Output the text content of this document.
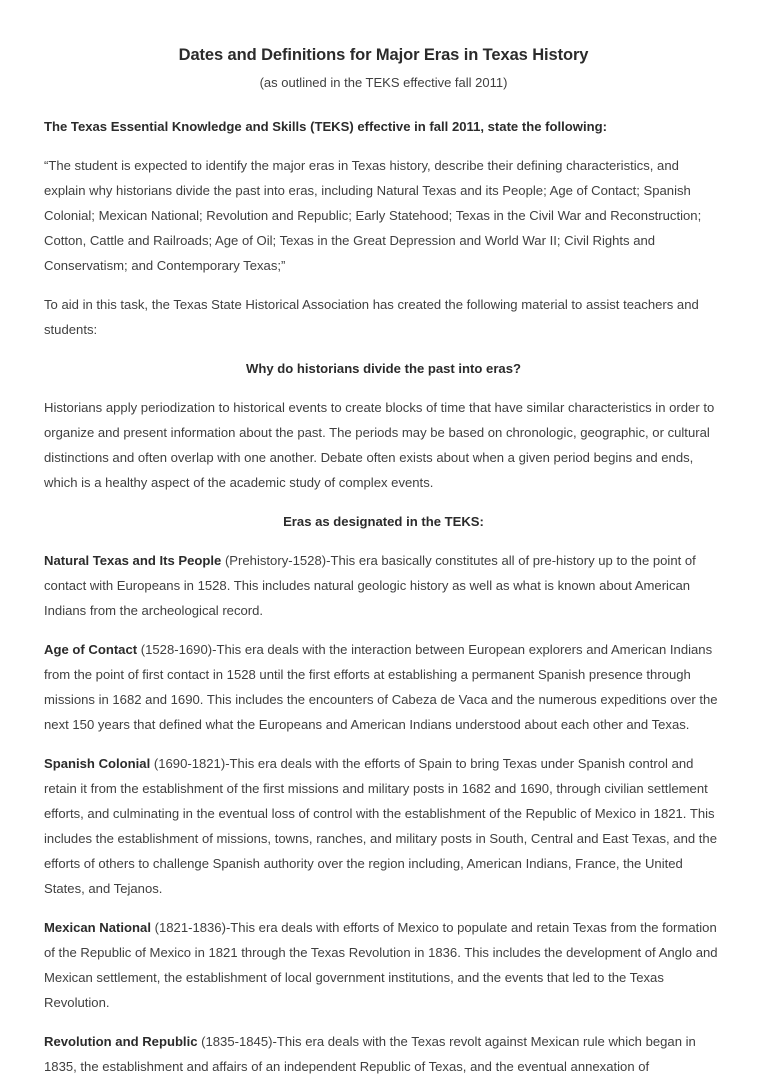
Dates and Definitions for Major Eras in Texas History
(as outlined in the TEKS effective fall 2011)

The Texas Essential Knowledge and Skills (TEKS) effective in fall 2011, state the following:

“The student is expected to identify the major eras in Texas history, describe their defining characteristics, and explain why historians divide the past into eras, including Natural Texas and its People; Age of Contact; Spanish Colonial; Mexican National; Revolution and Republic; Early Statehood; Texas in the Civil War and Reconstruction; Cotton, Cattle and Railroads; Age of Oil; Texas in the Great Depression and World War II; Civil Rights and Conservatism; and Contemporary Texas;”

To aid in this task, the Texas State Historical Association has created the following material to assist teachers and students:

Why do historians divide the past into eras?

Historians apply periodization to historical events to create blocks of time that have similar characteristics in order to organize and present information about the past. The periods may be based on chronologic, geographic, or cultural distinctions and often overlap with one another. Debate often exists about when a given period begins and ends, which is a healthy aspect of the academic study of complex events.

Eras as designated in the TEKS:

Natural Texas and Its People (Prehistory-1528)-This era basically constitutes all of pre-history up to the point of contact with Europeans in 1528. This includes natural geologic history as well as what is known about American Indians from the archeological record.

Age of Contact (1528-1690)-This era deals with the interaction between European explorers and American Indians from the point of first contact in 1528 until the first efforts at establishing a permanent Spanish presence through missions in 1682 and 1690. This includes the encounters of Cabeza de Vaca and the numerous expeditions over the next 150 years that defined what the Europeans and American Indians understood about each other and Texas.

Spanish Colonial (1690-1821)-This era deals with the efforts of Spain to bring Texas under Spanish control and retain it from the establishment of the first missions and military posts in 1682 and 1690, through civilian settlement efforts, and culminating in the eventual loss of control with the establishment of the Republic of Mexico in 1821. This includes the establishment of missions, towns, ranches, and military posts in South, Central and East Texas, and the efforts of others to challenge Spanish authority over the region including, American Indians, France, the United States, and Tejanos.

Mexican National (1821-1836)-This era deals with efforts of Mexico to populate and retain Texas from the formation of the Republic of Mexico in 1821 through the Texas Revolution in 1836. This includes the development of Anglo and Mexican settlement, the establishment of local government institutions, and the events that led to the Texas Revolution.

Revolution and Republic (1835-1845)-This era deals with the Texas revolt against Mexican rule which began in 1835, the establishment and affairs of an independent Republic of Texas, and the eventual annexation of
